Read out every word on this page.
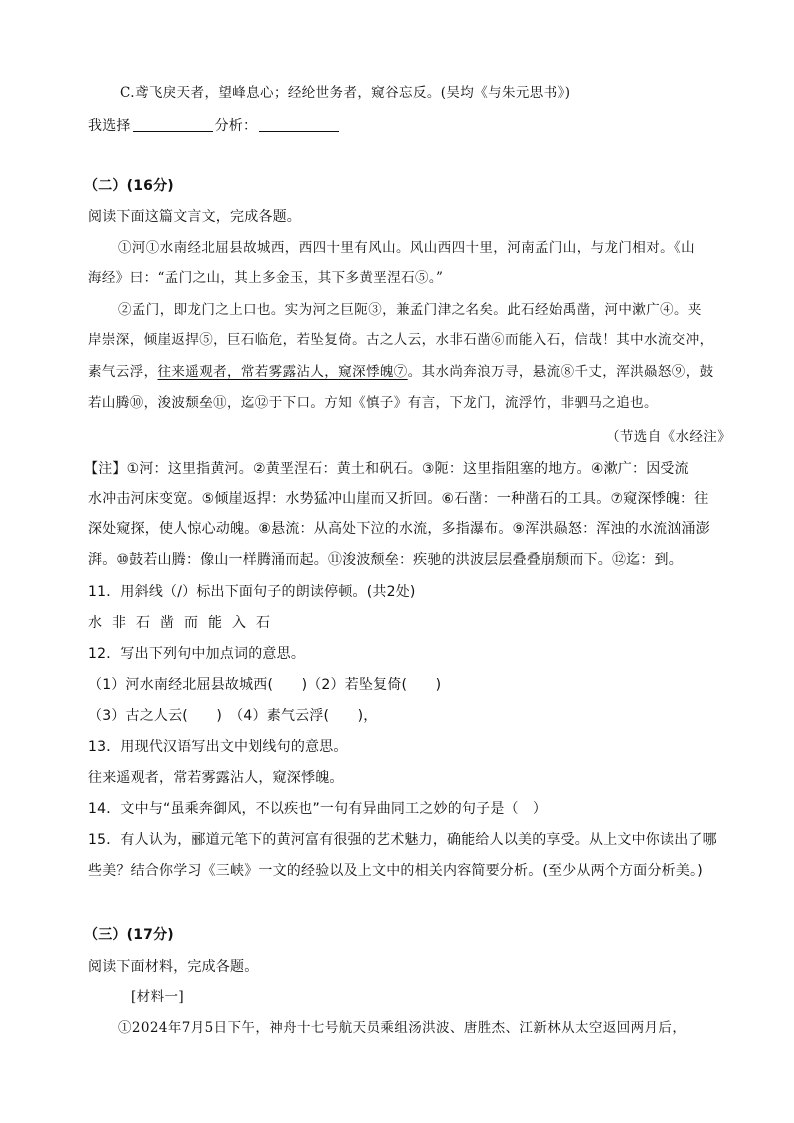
C.鸢飞戾天者，望峰息心；经纶世务者，窥谷忘反。(吴均《与朱元思书》)
我选择	分析：
（二）(16分)
阅读下面这篇文言文，完成各题。
①河①水南经北屈县故城西，西四十里有风山。风山西四十里，河南孟门山，与龙门相对。《山
海经》曰：“孟门之山，其上多金玉，其下多黄垩涅石⑤。”
②孟门，即龙门之上口也。实为河之巨阨③，兼孟门津之名矣。此石经始禹凿，河中漱广④。夹
岸崇深，倾崖返捍⑤，巨石临危，若坠复倚。古之人云，水非石凿⑥而能入石，信哉！其中水流交冲，
素气云浮，往来遥观者，常若雾露沾人，窥深悸魄⑦。其水尚奔浪万寻，悬流⑧千丈，浑洪赑怒⑨，鼓
若山腾⑩，浚波颓垒⑪，迄⑫于下口。方知《慎子》有言，下龙门，流浮竹，非驷马之追也。
（节选自《水经注》
【注】①河：这里指黄河。②黄垩涅石：黄土和矾石。③阨：这里指阻塞的地方。④漱广：因受流
水冲击河床变宽。⑤倾崖返捍：水势猛冲山崖而又折回。⑥石凿：一种凿石的工具。⑦窥深悸魄：往
深处窥探，使人惊心动魄。⑧悬流：从高处下泣的水流，多指瀑布。⑨浑洪赑怒：浑浊的水流汹涌澎
湃。⑩鼓若山腾：像山一样腾涌而起。⑪浚波颓垒：疾驰的洪波层层叠叠崩颓而下。⑫迄：到。
11．用斜线（/）标出下面句子的朗读停顿。(共2处)
水非石凿而能入石
12．写出下列句中加点词的意思。
（1）河水南经北屈县故城西(　　)（2）若坠复倚(　　)
（3）古之人云(　　)　（4）素气云浮(　　)，
13．用现代汉语写出文中划线句的意思。
往来遥观者，常若雾露沾人，窥深悸魄。
14．文中与“虽乘奔御风，不以疾也”一句有异曲同工之妙的句子是（　）
15．有人认为，郦道元笔下的黄河富有很强的艺术魅力，确能给人以美的享受。从上文中你读出了哪
些美？结合你学习《三峡》一文的经验以及上文中的相关内容简要分析。(至少从两个方面分析美。)
（三）(17分)
阅读下面材料，完成各题。
[材料一]
①2024年7月5日下午，神舟十七号航天员乘组汤洪波、唐胜杰、江新林从太空返回两月后，
